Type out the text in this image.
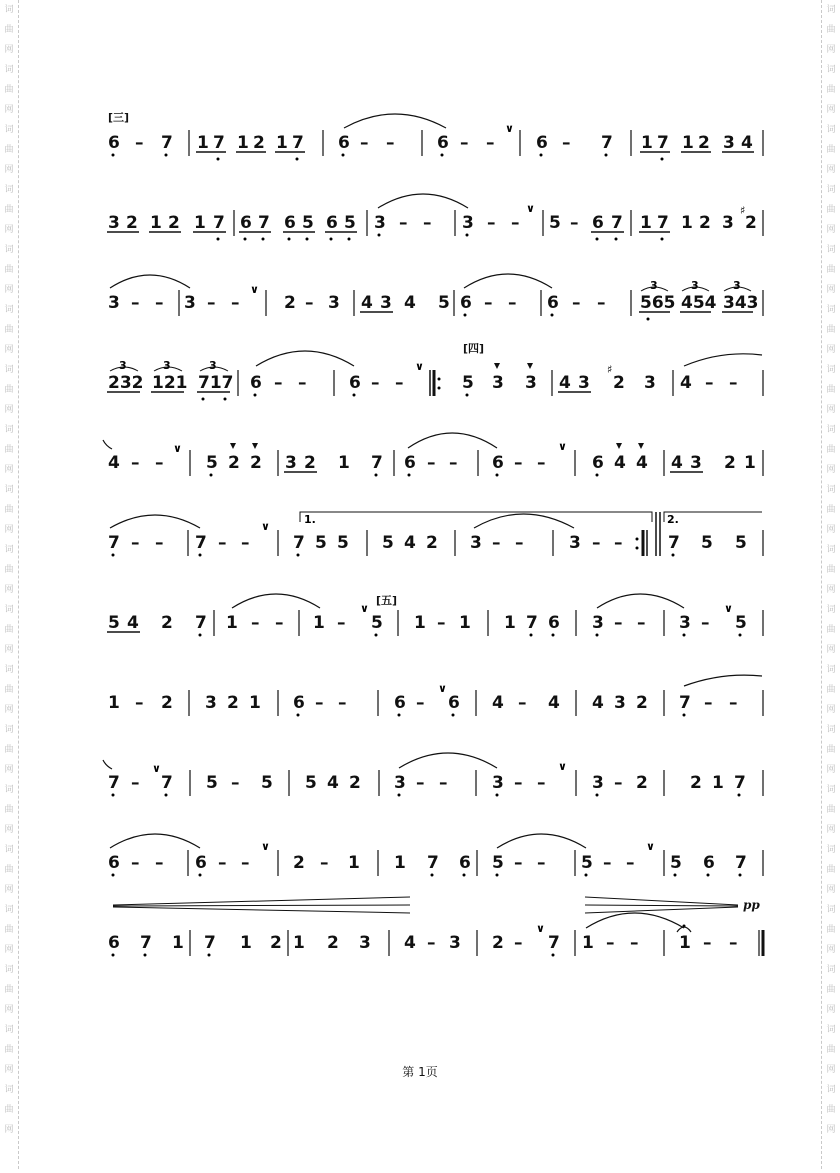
词
曲
网
词
曲
网
词
曲
网
词
曲
网
词
曲
网
词
曲
网
词
曲
网
词
曲
网
词
曲
网
词
曲
网
词
曲
网
词
曲
网
词
曲
网
词
曲
网
词
曲
网
词
曲
网
词
曲
网
词
曲
网
词
曲
网
词
曲
网
词
曲
网
词
曲
网
词
曲
网
词
曲
网
词
曲
网
词
曲
网
词
曲
网
词
曲
网
词
曲
网
词
曲
网
词
曲
网
词
曲
网
词
曲
网
词
曲
网
词
曲
网
词
曲
网
词
曲
网
词
曲
网
[三]
6 – 7 1 7 1 2 1 7 6 – –	6 – –
∨
6 – 7 1 7 1 2 3 4
3 2 1 2 1 7 6 7 6 5 6 5 3 – – 3 – –
∨
5 – 6 7 1 7 1 2 3
♯
2
3 – – 3 – –
∨
2 – 3 4 3 4 5 6 – – 6 – – 565
3
454
3
343
3
232
3
121
3
717
3
6 – –	6 – –
∨
[四]
5 3 3 4 3
♯
2 3 4 – –
4 – –
∨
5 2 2 3 2 1 7 6 – – 6 – –
∨
6 4 4 4 3 2 1
7 – – 7 – –
∨
1.
7 5 5 5 4 2 3 – –	3 – –
2.
7 5 5
5 4 2 7 1 – – 1 –
∨
[五]
5 1 – 1 1 7 6 3 – – 3 –
∨
5
1 – 2 3 2 1 6 – –	6 –
∨
6 4 – 4 4 3 2 7 – –
7 –
∨
7 5 – 5 5 4 2 3 – –	3 – –
∨
3 – 2 2 1 7
6 – – 6 – –
∨
2 – 1 1 7 6 5 – – 5 – –
∨
5 6 7
pp
6 7 1 7 1 2 1 2 3 4 – 3 2 –
∨
7 1 – – 1 – –
第 1页
